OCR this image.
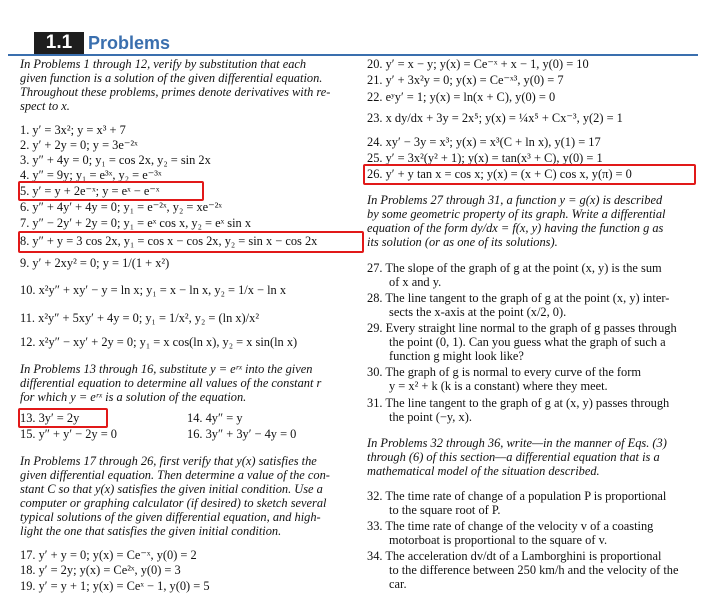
1.1 Problems
In Problems 1 through 12, verify by substitution that each
given function is a solution of the given differential equation.
Throughout these problems, primes denote derivatives with re-
spect to x.
1. y′ = 3x²; y = x³ + 7
2. y′ + 2y = 0; y = 3e⁻²ˣ
3. y″ + 4y = 0; y₁ = cos 2x, y₂ = sin 2x
4. y″ = 9y; y₁ = e³ˣ, y₂ = e⁻³ˣ
5. y′ = y + 2e⁻ˣ; y = eˣ − e⁻ˣ
6. y″ + 4y′ + 4y = 0; y₁ = e⁻²ˣ, y₂ = xe⁻²ˣ
7. y″ − 2y′ + 2y = 0; y₁ = eˣ cos x, y₂ = eˣ sin x
8. y″ + y = 3 cos 2x, y₁ = cos x − cos 2x, y₂ = sin x − cos 2x
9. y′ + 2xy² = 0; y = 1/(1 + x²)
10. x²y″ + xy′ − y = ln x; y₁ = x − ln x, y₂ = 1/x − ln x
11. x²y″ + 5xy′ + 4y = 0; y₁ = 1/x², y₂ = (ln x)/x²
12. x²y″ − xy′ + 2y = 0; y₁ = x cos(ln x), y₂ = x sin(ln x)
In Problems 13 through 16, substitute y = eʳˣ into the given
differential equation to determine all values of the constant r
for which y = eʳˣ is a solution of the equation.
13. 3y′ = 2y	14. 4y″ = y
15. y″ + y′ − 2y = 0	16. 3y″ + 3y′ − 4y = 0
In Problems 17 through 26, first verify that y(x) satisfies the
given differential equation. Then determine a value of the con-
stant C so that y(x) satisfies the given initial condition. Use a
computer or graphing calculator (if desired) to sketch several
typical solutions of the given differential equation, and high-
light the one that satisfies the given initial condition.
17. y′ + y = 0; y(x) = Ce⁻ˣ, y(0) = 2
18. y′ = 2y; y(x) = Ce²ˣ, y(0) = 3
19. y′ = y + 1; y(x) = Ceˣ − 1, y(0) = 5
20. y′ = x − y; y(x) = Ce⁻ˣ + x − 1, y(0) = 10
21. y′ + 3x²y = 0; y(x) = Ce⁻ˣ³, y(0) = 7
22. eʸy′ = 1; y(x) = ln(x + C), y(0) = 0
23. x dy/dx + 3y = 2x⁵; y(x) = ¼x⁵ + Cx⁻³, y(2) = 1
24. xy′ − 3y = x³; y(x) = x³(C + ln x), y(1) = 17
25. y′ = 3x²(y² + 1); y(x) = tan(x³ + C), y(0) = 1
26. y′ + y tan x = cos x; y(x) = (x + C) cos x, y(π) = 0
In Problems 27 through 31, a function y = g(x) is described
by some geometric property of its graph. Write a differential
equation of the form dy/dx = f(x, y) having the function g as
its solution (or as one of its solutions).
27. The slope of the graph of g at the point (x, y) is the sum
of x and y.
28. The line tangent to the graph of g at the point (x, y) inter-
sects the x-axis at the point (x/2, 0).
29. Every straight line normal to the graph of g passes through
the point (0, 1). Can you guess what the graph of such a
function g might look like?
30. The graph of g is normal to every curve of the form
y = x² + k (k is a constant) where they meet.
31. The line tangent to the graph of g at (x, y) passes through
the point (−y, x).
In Problems 32 through 36, write—in the manner of Eqs. (3)
through (6) of this section—a differential equation that is a
mathematical model of the situation described.
32. The time rate of change of a population P is proportional
to the square root of P.
33. The time rate of change of the velocity v of a coasting
motorboat is proportional to the square of v.
34. The acceleration dv/dt of a Lamborghini is proportional
to the difference between 250 km/h and the velocity of the
car.
